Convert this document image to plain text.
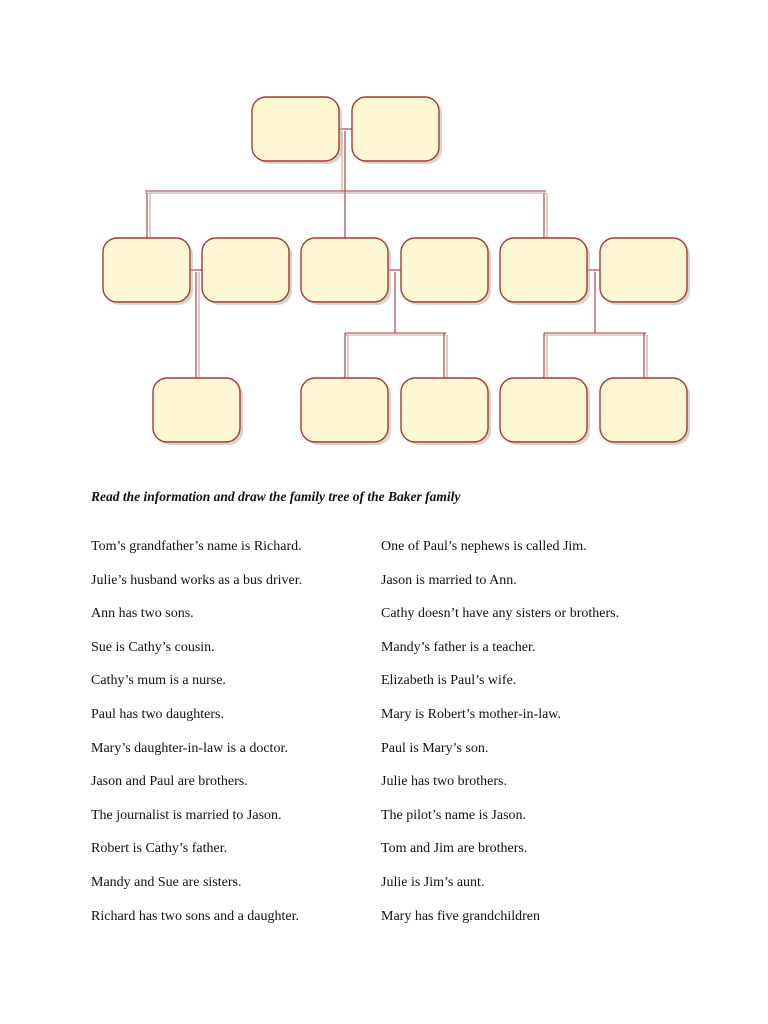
Read the information and draw the family tree of the Baker family
Tom’s grandfather’s name is Richard.
Julie’s husband works as a bus driver.
Ann has two sons.
Sue is Cathy’s cousin.
Cathy’s mum is a nurse.
Paul has two daughters.
Mary’s daughter-in-law is a doctor.
Jason and Paul are brothers.
The journalist is married to Jason.
Robert is Cathy’s father.
Mandy and Sue are sisters.
Richard has two sons and a daughter.
One of Paul’s nephews is called Jim.
Jason is married to Ann.
Cathy doesn’t have any sisters or brothers.
Mandy’s father is a teacher.
Elizabeth is Paul’s wife.
Mary is Robert’s mother-in-law.
Paul is Mary’s son.
Julie has two brothers.
The pilot’s name is Jason.
Tom and Jim are brothers.
Julie is Jim’s aunt.
Mary has five grandchildren
